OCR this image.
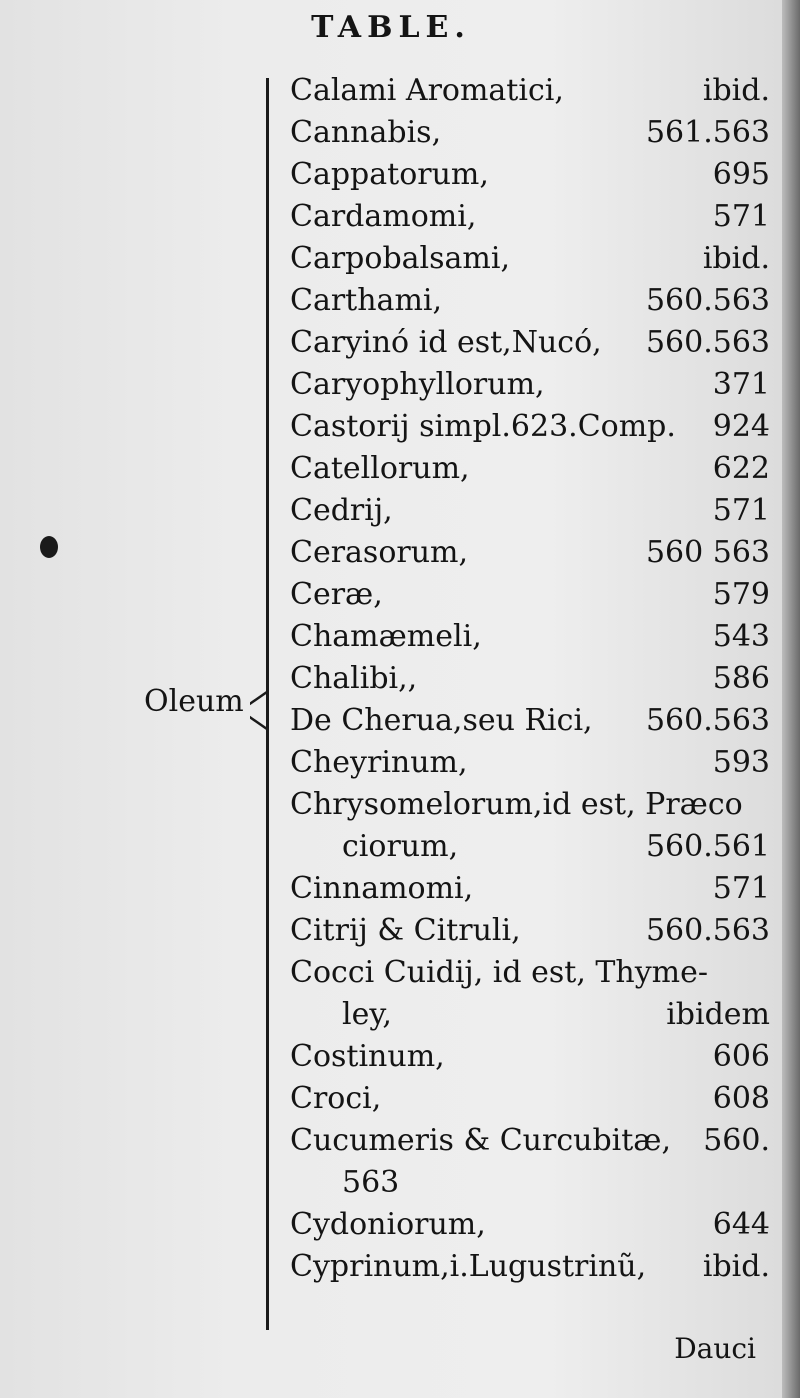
TABLE.
Oleum
Calami Aromatici,	ibid.
Cannabis,	561.563
Cappatorum,	695
Cardamomi,	571
Carpobalsami,	ibid.
Carthami,	560.563
Caryinó id est,Nucó, 560.563
Caryophyllorum,	371
Castorij simpl.623.Comp. 924
Catellorum,	622
Cedrij,	571
Cerasorum,	560 563
Ceræ,	579
Chamæmeli,	543
Chalibi,,	586
De Cherua,seu Rici, 560.563
Cheyrinum,	593
Chrysomelorum,id est, Præco
ciorum,	560.561
Cinnamomi,	571
Citrij & Citruli,	560.563
Cocci Cuidij, id est, Thyme-
ley,	ibidem
Costinum,	606
Croci,	608
Cucumeris & Curcubitæ, 560.
563
Cydoniorum,	644
Cyprinum,i.Lugustrinũ, ibid.
Dauci
